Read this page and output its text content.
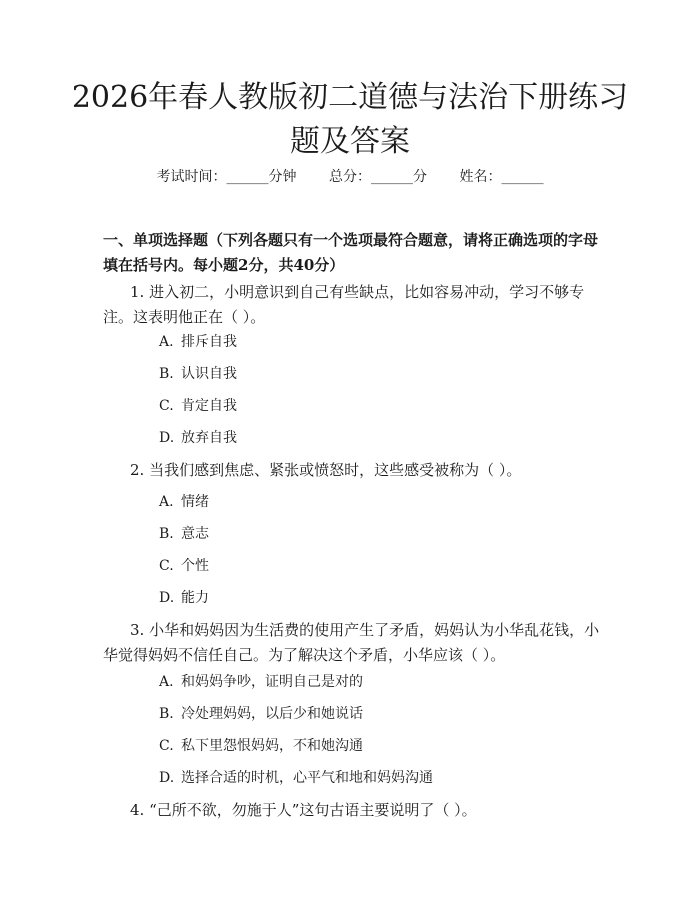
2026年春人教版初二道德与法治下册练习题及答案
考试时间：______分钟 总分：______分 姓名：______

一、单项选择题（下列各题只有一个选项最符合题意，请将正确选项的字母填在括号内。每小题2分，共40分）

1. 进入初二，小明意识到自己有些缺点，比如容易冲动，学习不够专注。这表明他正在（ ）。

A. 排斥自我
B. 认识自我
C. 肯定自我
D. 放弃自我

2. 当我们感到焦虑、紧张或愤怒时，这些感受被称为（ ）。

A. 情绪
B. 意志
C. 个性
D. 能力

3. 小华和妈妈因为生活费的使用产生了矛盾，妈妈认为小华乱花钱，小华觉得妈妈不信任自己。为了解决这个矛盾，小华应该（ ）。

A. 和妈妈争吵，证明自己是对的
B. 冷处理妈妈，以后少和她说话
C. 私下里怨恨妈妈，不和她沟通
D. 选择合适的时机，心平气和地和妈妈沟通

4. “己所不欲，勿施于人”这句古语主要说明了（ ）。
